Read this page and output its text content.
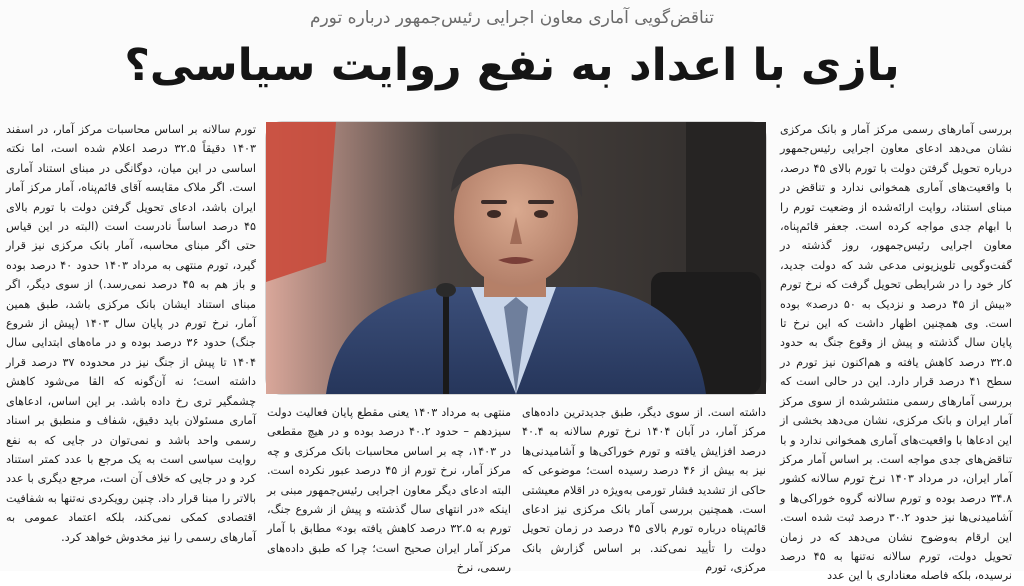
تناقض‌گویی آماری معاون اجرایی رئیس‌جمهور درباره تورم
بازی با اعداد به نفع روایت سیاسی؟

بررسی آمارهای رسمی مرکز آمار و بانک مرکزی نشان می‌دهد ادعای معاون اجرایی رئیس‌جمهور درباره تحویل گرفتن دولت با تورم بالای ۴۵ درصد، با واقعیت‌های آماری همخوانی ندارد و تناقض در مبنای استناد، روایت ارائه‌شده از وضعیت تورم را با ابهام جدی مواجه کرده است. جعفر قائم‌پناه، معاون اجرایی رئیس‌جمهور، روز گذشته در گفت‌وگویی تلویزیونی مدعی شد که دولت جدید، کار خود را در شرایطی تحویل گرفت که نرخ تورم «بیش از ۴۵ درصد و نزدیک به ۵۰ درصد» بوده است. وی همچنین اظهار داشت که این نرخ تا پایان سال گذشته و پیش از وقوع جنگ به حدود ۳۲.۵ درصد کاهش یافته و هم‌اکنون نیز تورم در سطح ۴۱ درصد قرار دارد. این در حالی است که بررسی آمارهای رسمی منتشرشده از سوی مرکز آمار ایران و بانک مرکزی، نشان می‌دهد بخشی از این ادعاها با واقعیت‌های آماری همخوانی ندارد و با تناقض‌های جدی مواجه است. بر اساس آمار مرکز آمار ایران، در مرداد ۱۴۰۳ نرخ تورم سالانه کشور ۳۴.۸ درصد بوده و تورم سالانه گروه خوراکی‌ها و آشامیدنی‌ها نیز حدود ۳۰.۲ درصد ثبت شده است. این ارقام به‌وضوح نشان می‌دهد که در زمان تحویل دولت، تورم سالانه نه‌تنها به ۴۵ درصد نرسیده، بلکه فاصله معناداری با این عدد

داشته است. از سوی دیگر، طبق جدیدترین داده‌های مرکز آمار، در آبان ۱۴۰۴ نرخ تورم سالانه به ۴۰.۴ درصد افزایش یافته و تورم خوراکی‌ها و آشامیدنی‌ها نیز به بیش از ۴۶ درصد رسیده است؛ موضوعی که حاکی از تشدید فشار تورمی به‌ویژه در اقلام معیشتی است. همچنین بررسی آمار بانک مرکزی نیز ادعای قائم‌پناه درباره تورم بالای ۴۵ درصد در زمان تحویل دولت را تأیید نمی‌کند. بر اساس گزارش بانک مرکزی، تورم

منتهی به مرداد ۱۴۰۳ یعنی مقطع پایان فعالیت دولت سیزدهم – حدود ۴۰.۲ درصد بوده و در هیچ مقطعی در ۱۴۰۳، چه بر اساس محاسبات بانک مرکزی و چه مرکز آمار، نرخ تورم از ۴۵ درصد عبور نکرده است. البته ادعای دیگر معاون اجرایی رئیس‌جمهور مبنی بر اینکه «در انتهای سال گذشته و پیش از شروع جنگ، تورم به ۳۲.۵ درصد کاهش یافته بود» مطابق با آمار مرکز آمار ایران صحیح است؛ چرا که طبق داده‌های رسمی، نرخ

تورم سالانه بر اساس محاسبات مرکز آمار، در اسفند ۱۴۰۳ دقیقاً ۳۲.۵ درصد اعلام شده است، اما نکته اساسی در این میان، دوگانگی در مبنای استناد آماری است. اگر ملاک مقایسه آقای قائم‌پناه، آمار مرکز آمار ایران باشد، ادعای تحویل گرفتن دولت با تورم بالای ۴۵ درصد اساساً نادرست است (البته در این قیاس حتی اگر مبنای محاسبه، آمار بانک مرکزی نیز قرار گیرد، تورم منتهی به مرداد ۱۴۰۳ حدود ۴۰ درصد بوده و باز هم به ۴۵ درصد نمی‌رسد.) از سوی دیگر، اگر مبنای استناد ایشان بانک مرکزی باشد، طبق همین آمار، نرخ تورم در پایان سال ۱۴۰۳ (پیش از شروع جنگ) حدود ۳۶ درصد بوده و در ماه‌های ابتدایی سال ۱۴۰۴ تا پیش از جنگ نیز در محدوده ۳۷ درصد قرار داشته است؛ نه آن‌گونه که القا می‌شود کاهش چشمگیر تری رخ داده باشد. بر این اساس، ادعاهای آماری مسئولان باید دقیق، شفاف و منطبق بر اسناد رسمی واحد باشد و نمی‌توان در جایی که به نفع روایت سیاسی است به یک مرجع با عدد کمتر استناد کرد و در جایی که خلاف آن است، مرجع دیگری با عدد بالاتر را مبنا قرار داد. چنین رویکردی نه‌تنها به شفافیت اقتصادی کمکی نمی‌کند، بلکه اعتماد عمومی به آمارهای رسمی را نیز مخدوش خواهد کرد.
